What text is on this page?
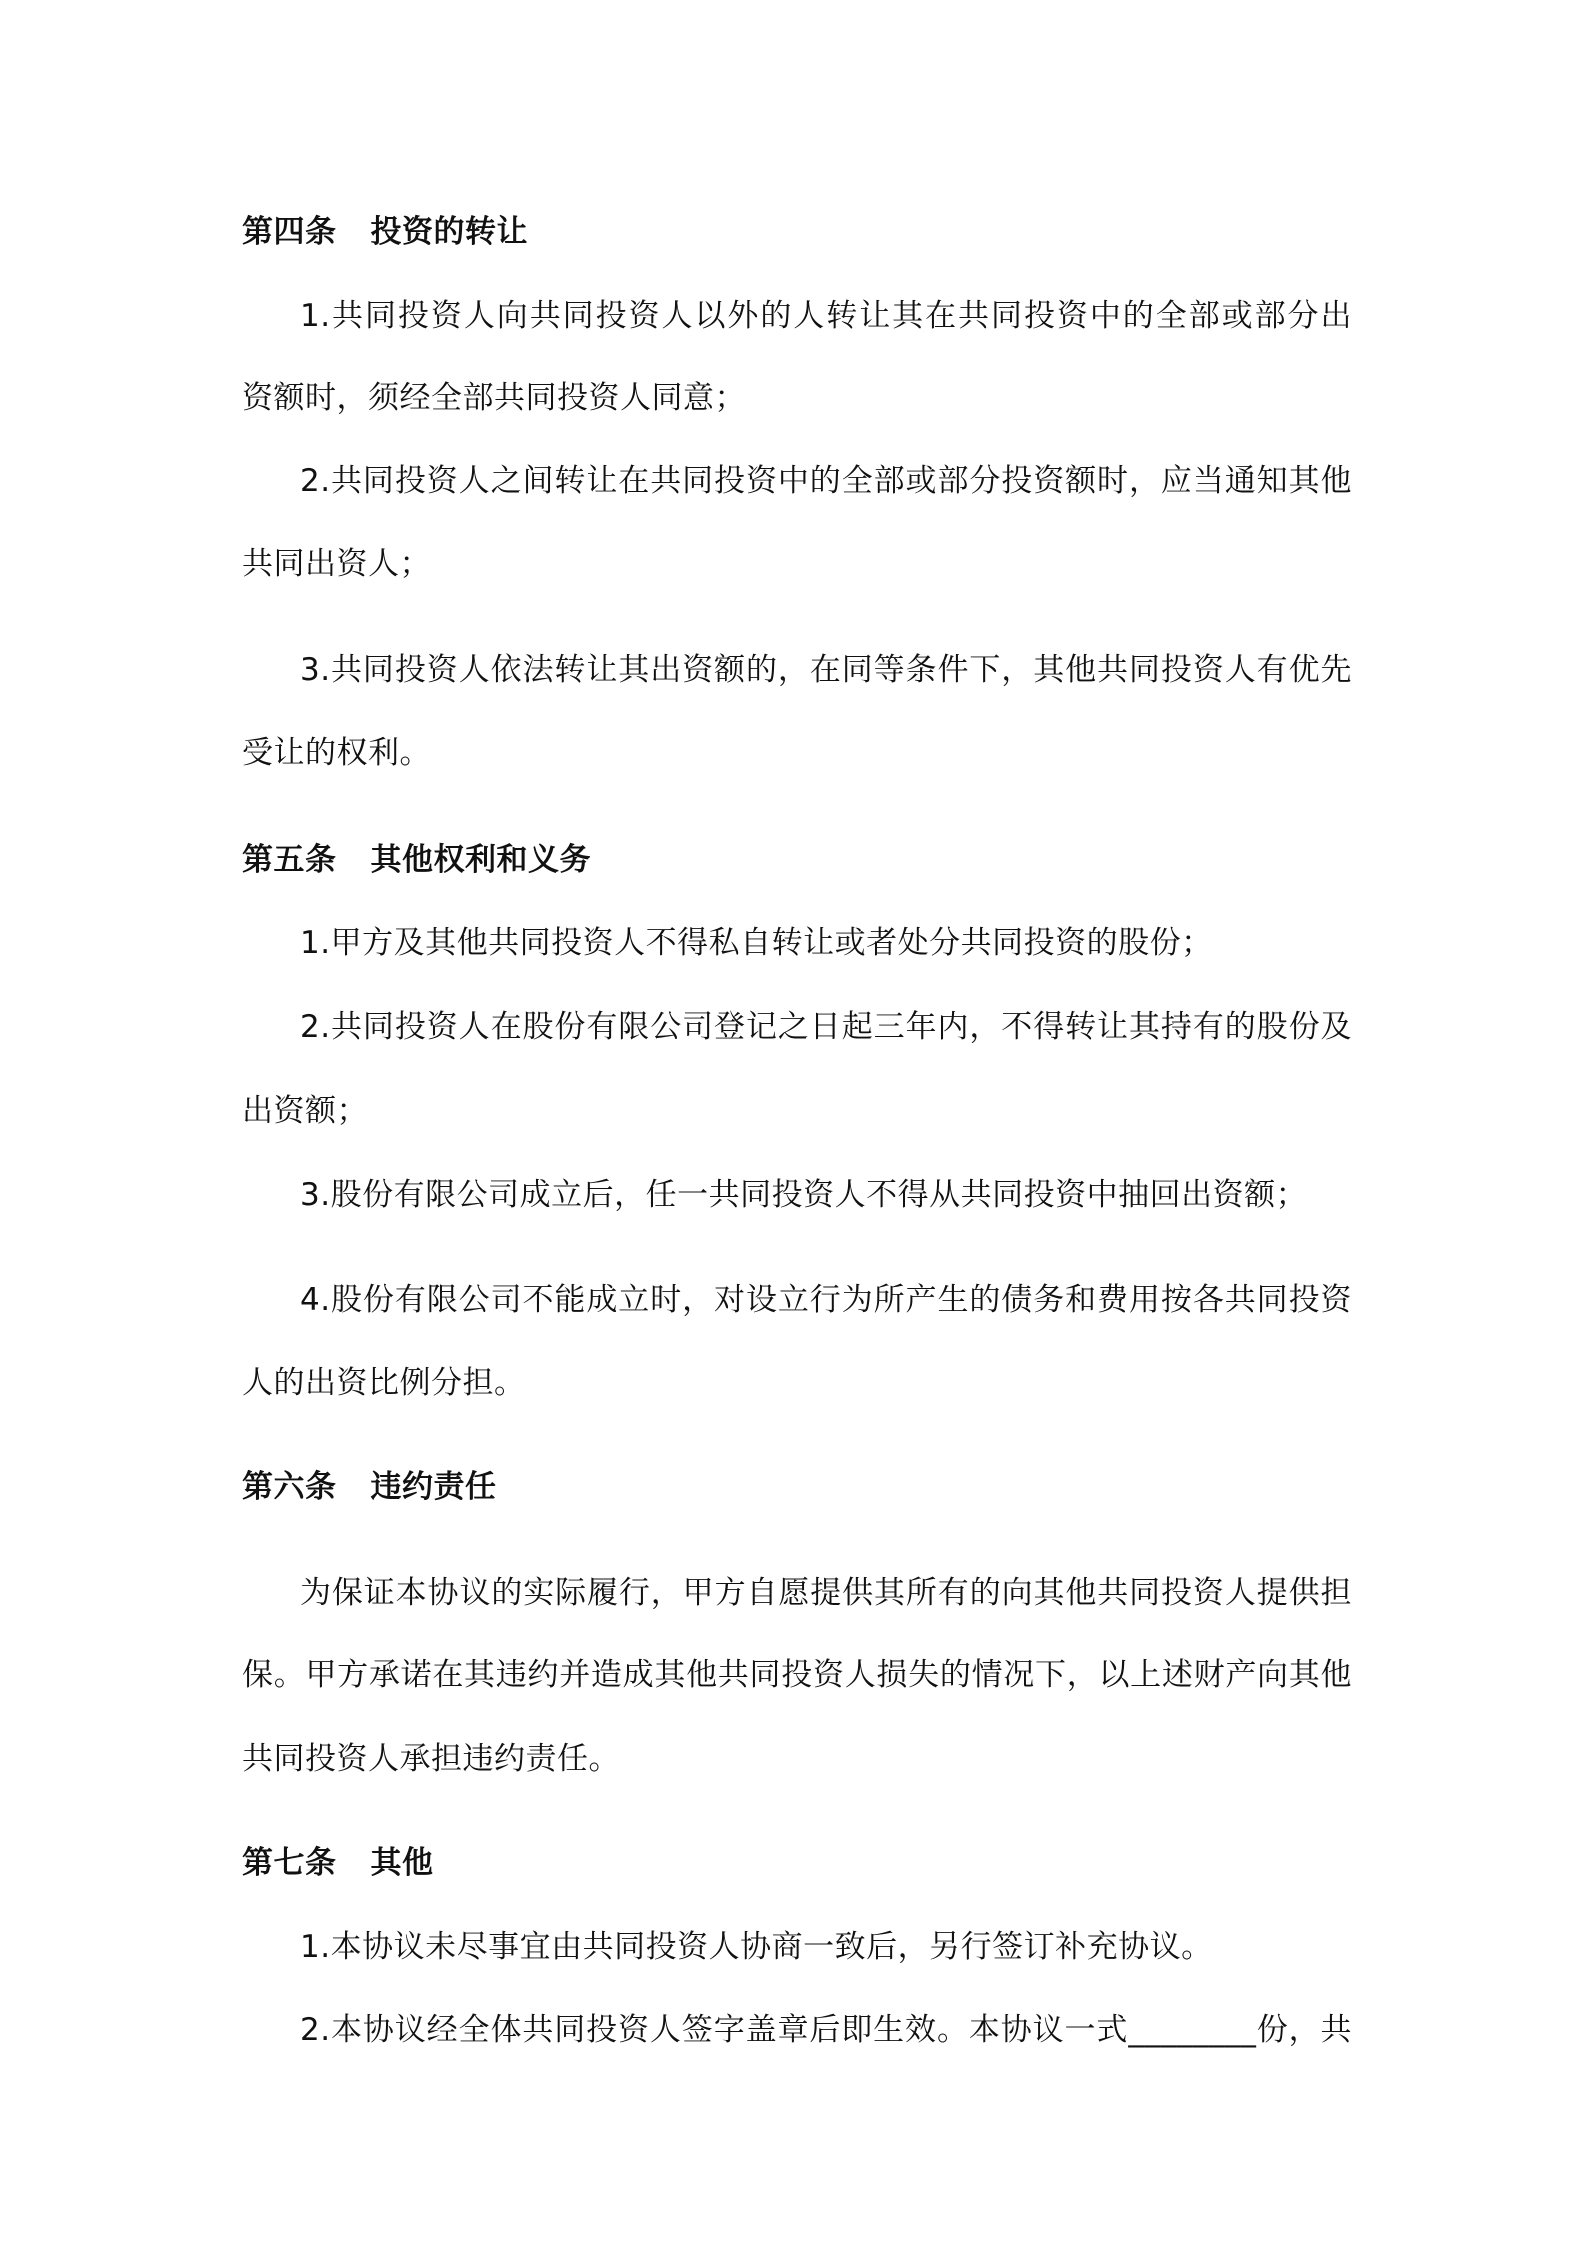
第四条 投资的转让
1.共同投资人向共同投资人以外的人转让其在共同投资中的全部或部分出
资额时，须经全部共同投资人同意；
2.共同投资人之间转让在共同投资中的全部或部分投资额时，应当通知其他
共同出资人；
3.共同投资人依法转让其出资额的，在同等条件下，其他共同投资人有优先
受让的权利。
第五条 其他权利和义务
1.甲方及其他共同投资人不得私自转让或者处分共同投资的股份；
2.共同投资人在股份有限公司登记之日起三年内，不得转让其持有的股份及
出资额；
3.股份有限公司成立后，任一共同投资人不得从共同投资中抽回出资额；
4.股份有限公司不能成立时，对设立行为所产生的债务和费用按各共同投资
人的出资比例分担。
第六条 违约责任
为保证本协议的实际履行，甲方自愿提供其所有的向其他共同投资人提供担
保。甲方承诺在其违约并造成其他共同投资人损失的情况下，以上述财产向其他
共同投资人承担违约责任。
第七条 其他
1.本协议未尽事宜由共同投资人协商一致后，另行签订补充协议。
2.本协议经全体共同投资人签字盖章后即生效。本协议一式________份，共
